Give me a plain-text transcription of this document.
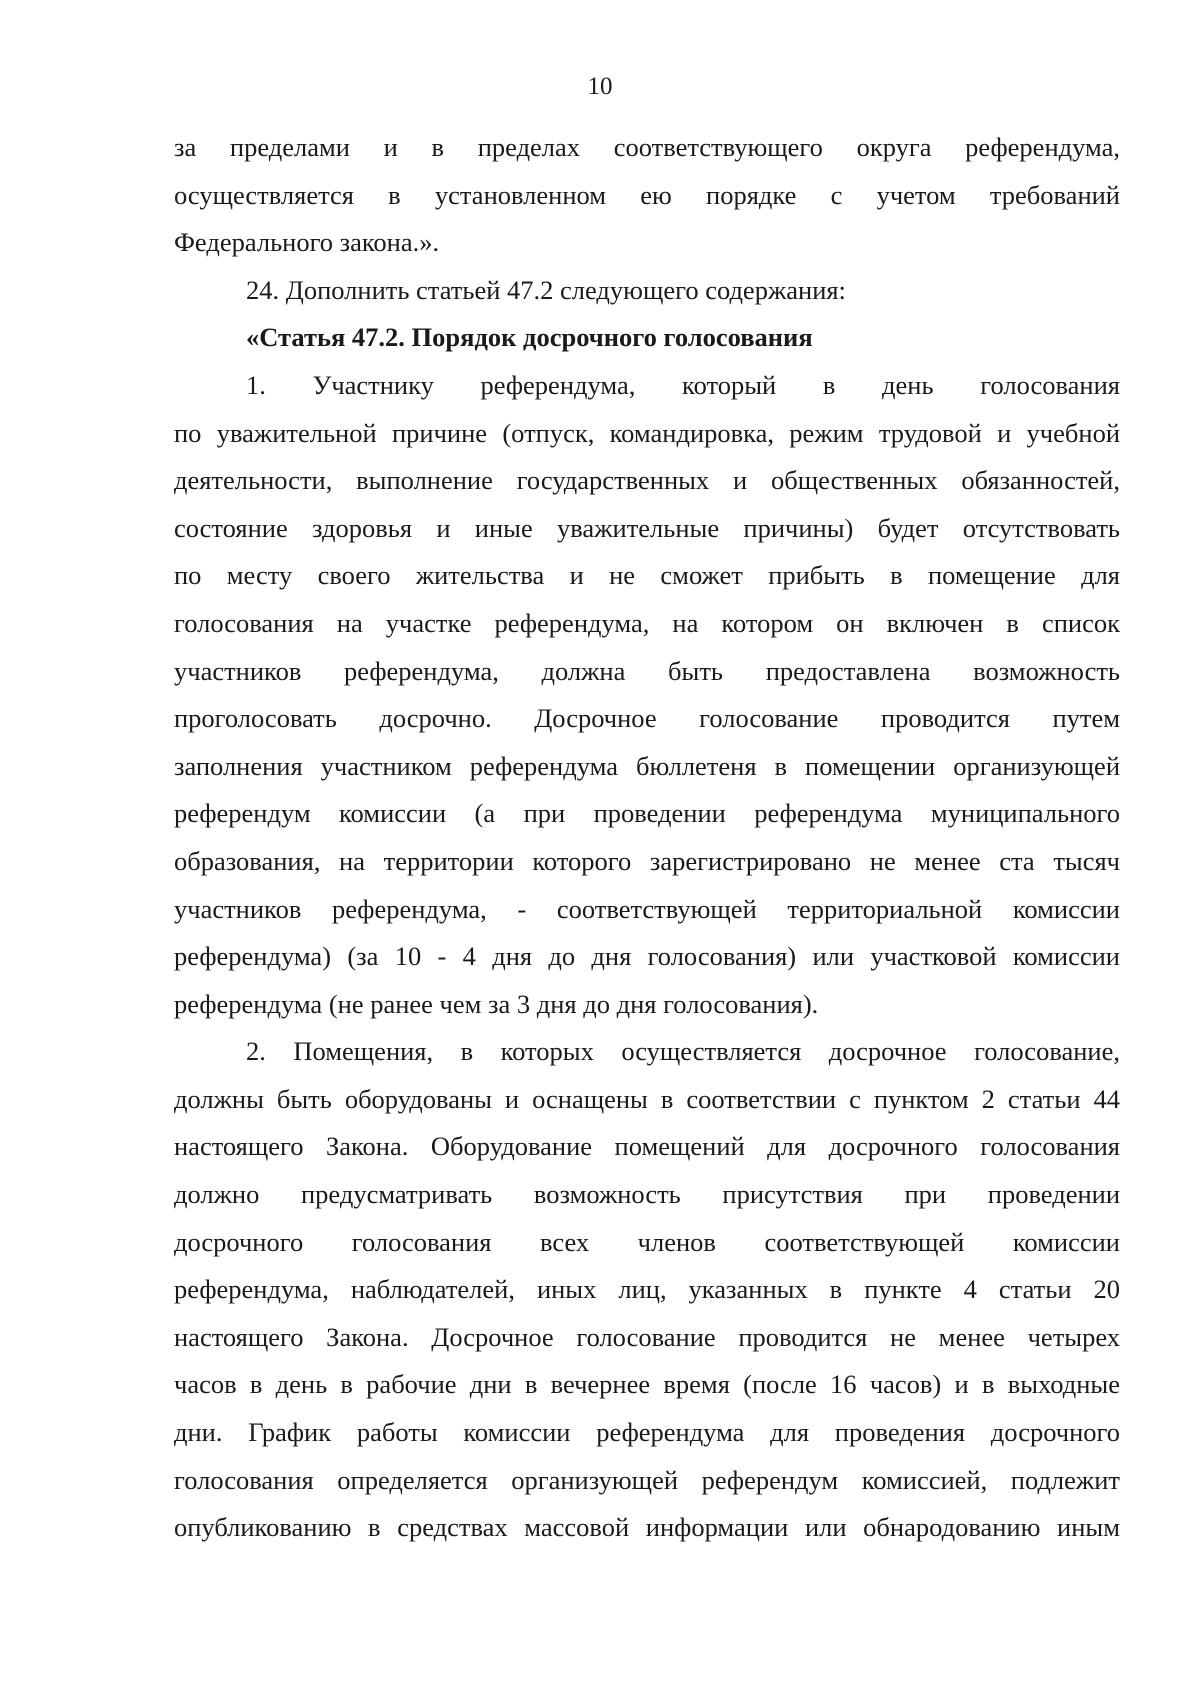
10
за пределами и в пределах соответствующего округа референдума,
осуществляется в установленном ею порядке с учетом требований
Федерального закона.».
24. Дополнить статьей 47.2 следующего содержания:
«Статья 47.2. Порядок досрочного голосования
1. Участнику референдума, который в день голосования
по уважительной причине (отпуск, командировка, режим трудовой и учебной
деятельности, выполнение государственных и общественных обязанностей,
состояние здоровья и иные уважительные причины) будет отсутствовать
по месту своего жительства и не сможет прибыть в помещение для
голосования на участке референдума, на котором он включен в список
участников референдума, должна быть предоставлена возможность
проголосовать досрочно. Досрочное голосование проводится путем
заполнения участником референдума бюллетеня в помещении организующей
референдум комиссии (а при проведении референдума муниципального
образования, на территории которого зарегистрировано не менее ста тысяч
участников референдума, - соответствующей территориальной комиссии
референдума) (за 10 - 4 дня до дня голосования) или участковой комиссии
референдума (не ранее чем за 3 дня до дня голосования).
2. Помещения, в которых осуществляется досрочное голосование,
должны быть оборудованы и оснащены в соответствии с пунктом 2 статьи 44
настоящего Закона. Оборудование помещений для досрочного голосования
должно предусматривать возможность присутствия при проведении
досрочного голосования всех членов соответствующей комиссии
референдума, наблюдателей, иных лиц, указанных в пункте 4 статьи 20
настоящего Закона. Досрочное голосование проводится не менее четырех
часов в день в рабочие дни в вечернее время (после 16 часов) и в выходные
дни. График работы комиссии референдума для проведения досрочного
голосования определяется организующей референдум комиссией, подлежит
опубликованию в средствах массовой информации или обнародованию иным
